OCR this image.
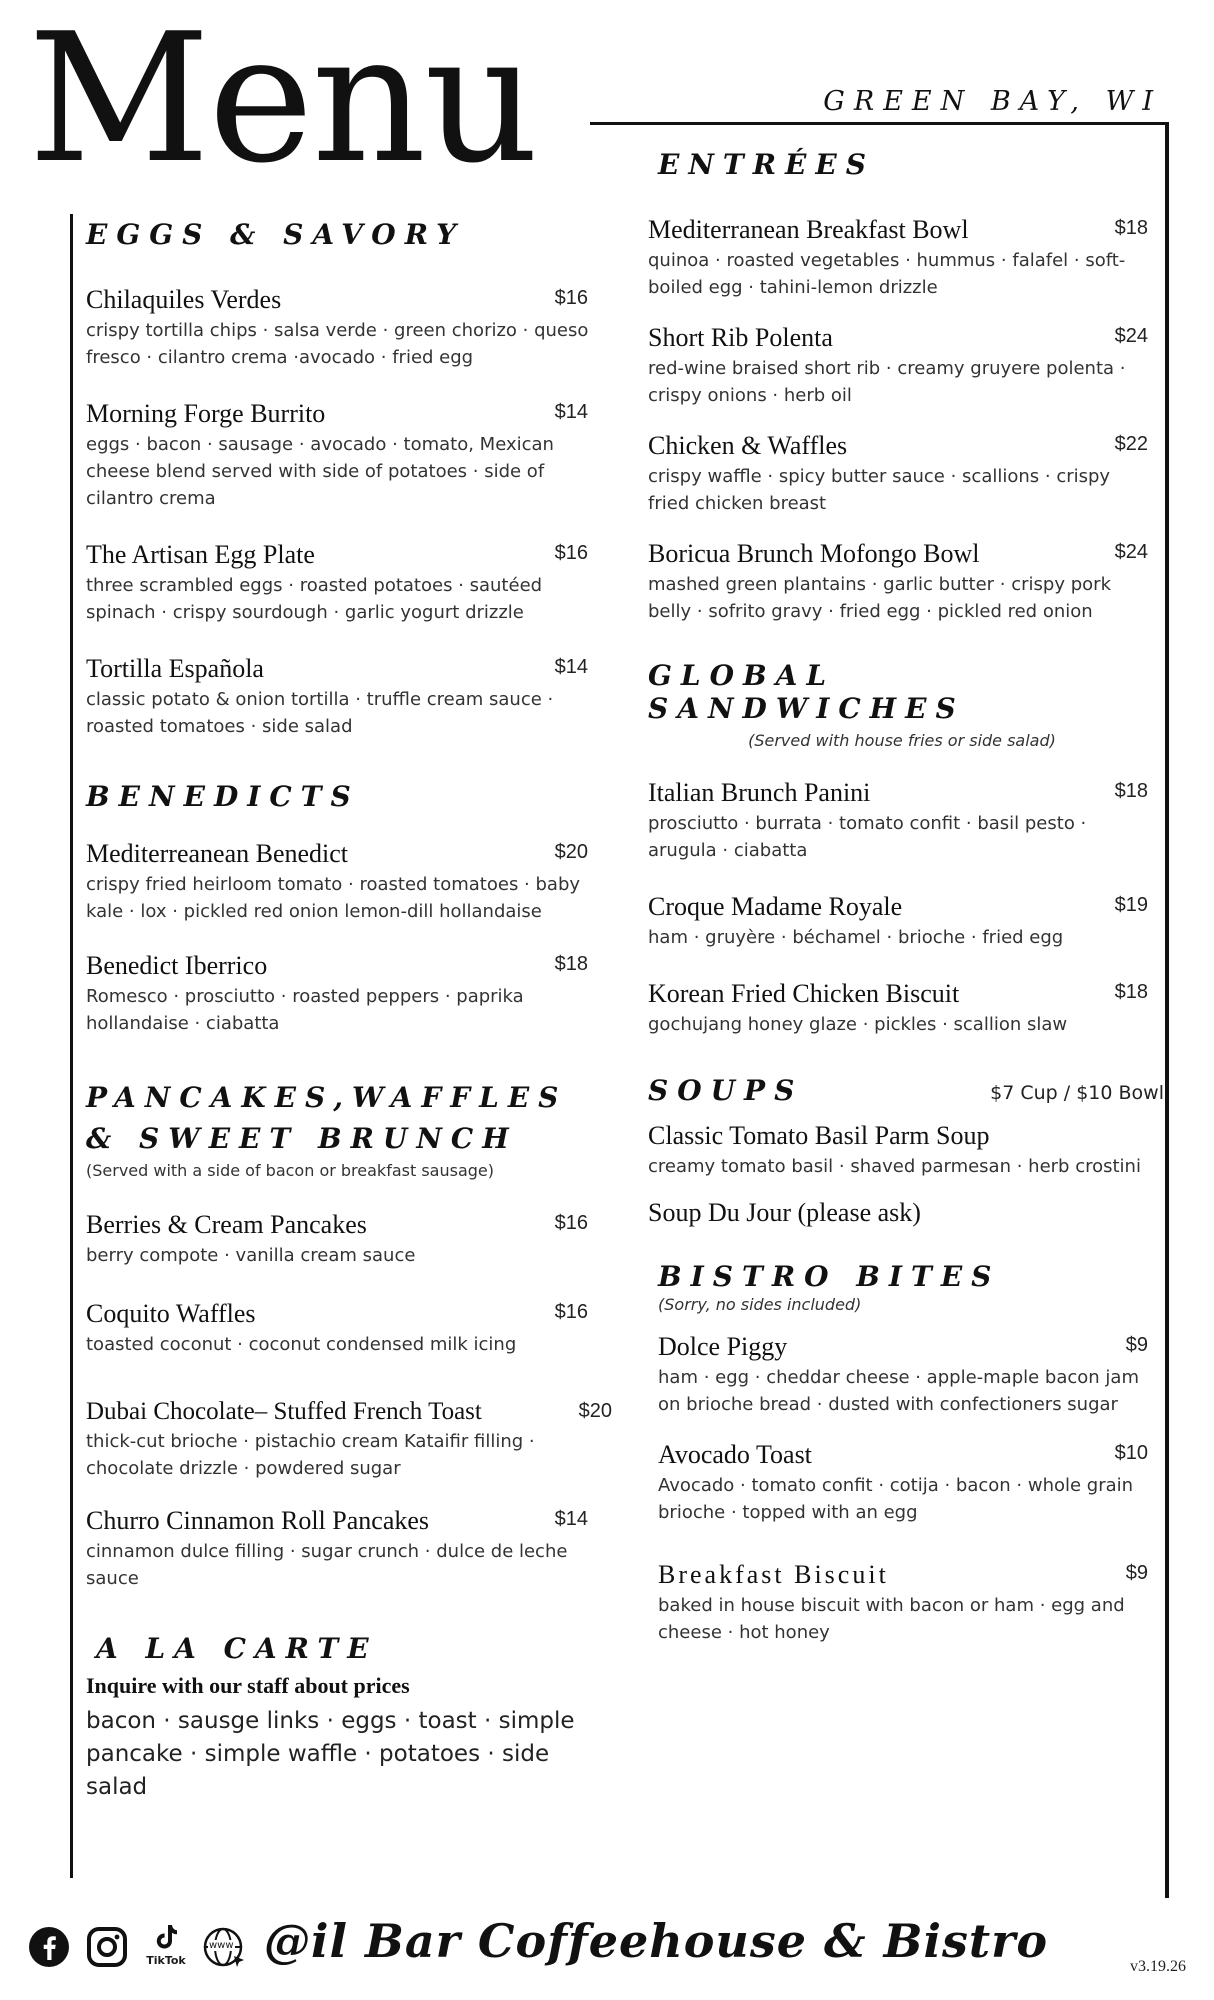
Menu	GREEN BAY, WI
EGGS & SAVORY
Chilaquiles Verdes	$16
crispy tortilla chips · salsa verde · green chorizo · queso fresco · cilantro crema ·avocado · fried egg
Morning Forge Burrito	$14
eggs · bacon · sausage · avocado · tomato, Mexican cheese blend served with side of potatoes · side of cilantro crema
The Artisan Egg Plate	$16
three scrambled eggs · roasted potatoes · sautéed spinach · crispy sourdough · garlic yogurt drizzle
Tortilla Española	$14
classic potato & onion tortilla · truffle cream sauce · roasted tomatoes · side salad
BENEDICTS
Mediterreanean Benedict	$20
crispy fried heirloom tomato · roasted tomatoes · baby kale · lox · pickled red onion lemon-dill hollandaise
Benedict Iberrico	$18
Romesco · prosciutto · roasted peppers · paprika hollandaise · ciabatta
PANCAKES,WAFFLES
& SWEET BRUNCH
(Served with a side of bacon or breakfast sausage)
Berries & Cream Pancakes	$16
berry compote · vanilla cream sauce
Coquito Waffles	$16
toasted coconut · coconut condensed milk icing
Dubai Chocolate– Stuffed French Toast	$20
thick-cut brioche · pistachio cream Kataifir filling · chocolate drizzle · powdered sugar
Churro Cinnamon Roll Pancakes	$14
cinnamon dulce filling · sugar crunch · dulce de leche sauce
A LA CARTE
Inquire with our staff about prices
bacon · sausge links · eggs · toast · simple pancake · simple waffle · potatoes · side salad
ENTRÉES
Mediterranean Breakfast Bowl	$18
quinoa · roasted vegetables · hummus · falafel · soft-boiled egg · tahini-lemon drizzle
Short Rib Polenta	$24
red-wine braised short rib · creamy gruyere polenta · crispy onions · herb oil
Chicken & Waffles	$22
crispy waffle · spicy butter sauce · scallions · crispy fried chicken breast
Boricua Brunch Mofongo Bowl	$24
mashed green plantains · garlic butter · crispy pork belly · sofrito gravy · fried egg · pickled red onion
GLOBAL SANDWICHES
(Served with house fries or side salad)
Italian Brunch Panini	$18
prosciutto · burrata · tomato confit · basil pesto · arugula · ciabatta
Croque Madame Royale	$19
ham · gruyère · béchamel · brioche · fried egg
Korean Fried Chicken Biscuit	$18
gochujang honey glaze · pickles · scallion slaw
SOUPS	$7 Cup / $10 Bowl
Classic Tomato Basil Parm Soup
creamy tomato basil · shaved parmesan · herb crostini
Soup Du Jour (please ask)
BISTRO BITES
(Sorry, no sides included)
Dolce Piggy	$9
ham · egg · cheddar cheese · apple-maple bacon jam on brioche bread · dusted with confectioners sugar
Avocado Toast	$10
Avocado · tomato confit · cotija · bacon · whole grain brioche · topped with an egg
Breakfast Biscuit	$9
baked in house biscuit with bacon or ham · egg and cheese · hot honey
TikTok
www @il Bar Coffeehouse & Bistro	v3.19.26
